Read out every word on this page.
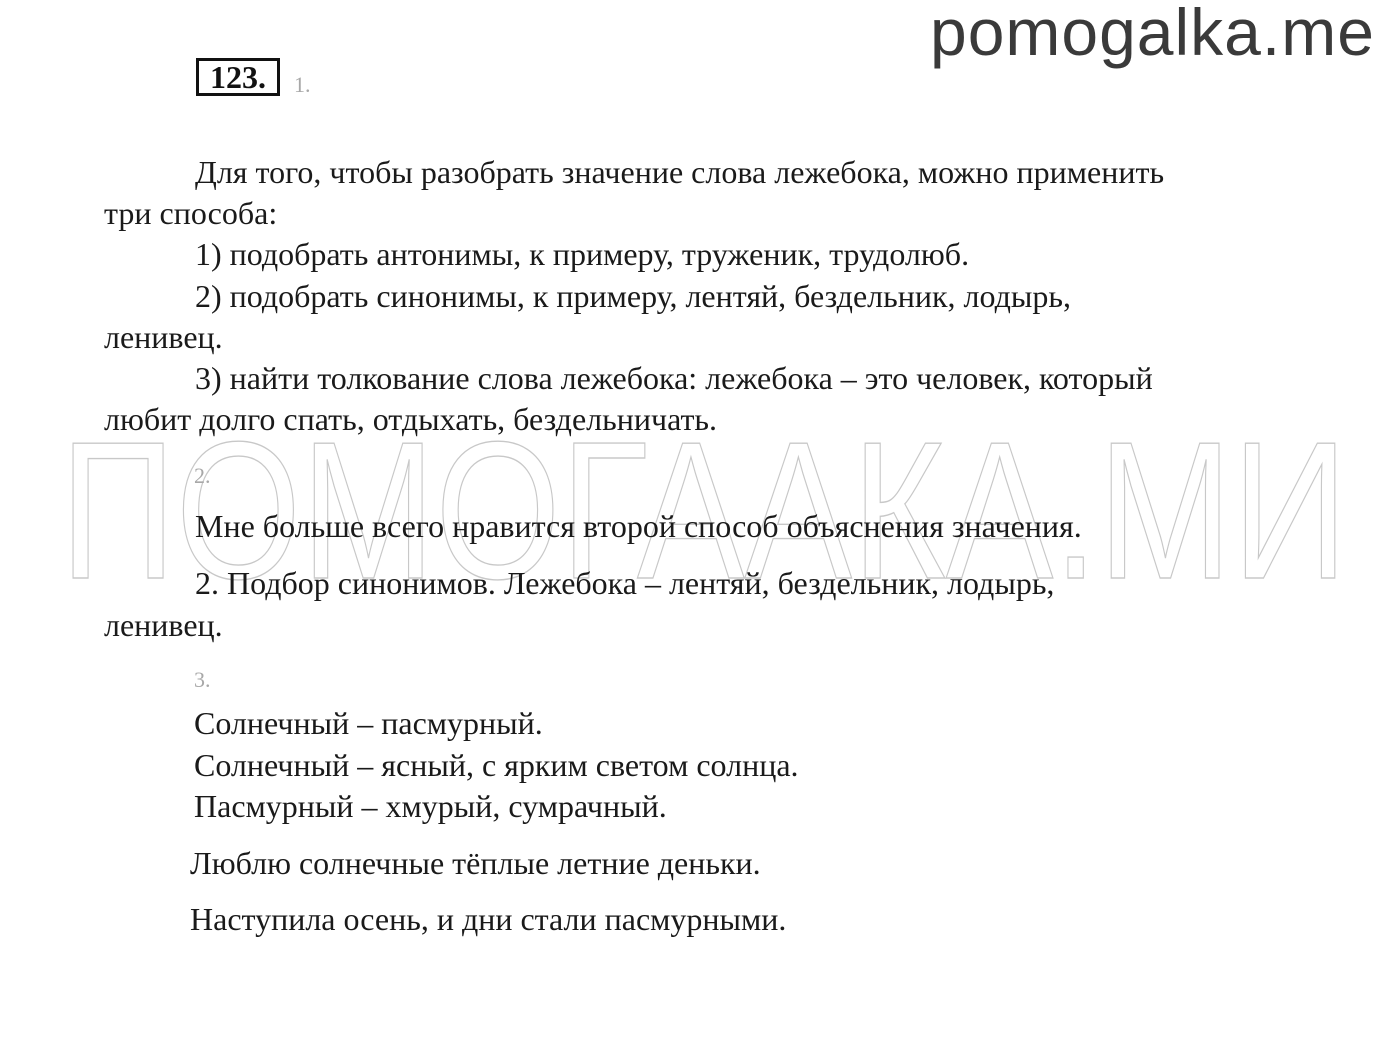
pomogalka.me
ПОМОГААКА.МИ
123.	1.
Для того, чтобы разобрать значение слова лежебока, можно применить
три способа:
1) подобрать антонимы, к примеру, труженик, трудолюб.
2) подобрать синонимы, к примеру, лентяй, бездельник, лодырь,
ленивец.
3) найти толкование слова лежебока: лежебока – это человек, который
любит долго спать, отдыхать, бездельничать.
2.
Мне больше всего нравится второй способ объяснения значения.
2. Подбор синонимов. Лежебока – лентяй, бездельник, лодырь,
ленивец.
3.
Солнечный – пасмурный.
Солнечный – ясный, с ярким светом солнца.
Пасмурный – хмурый, сумрачный.
Люблю солнечные тёплые летние деньки.
Наступила осень, и дни стали пасмурными.
